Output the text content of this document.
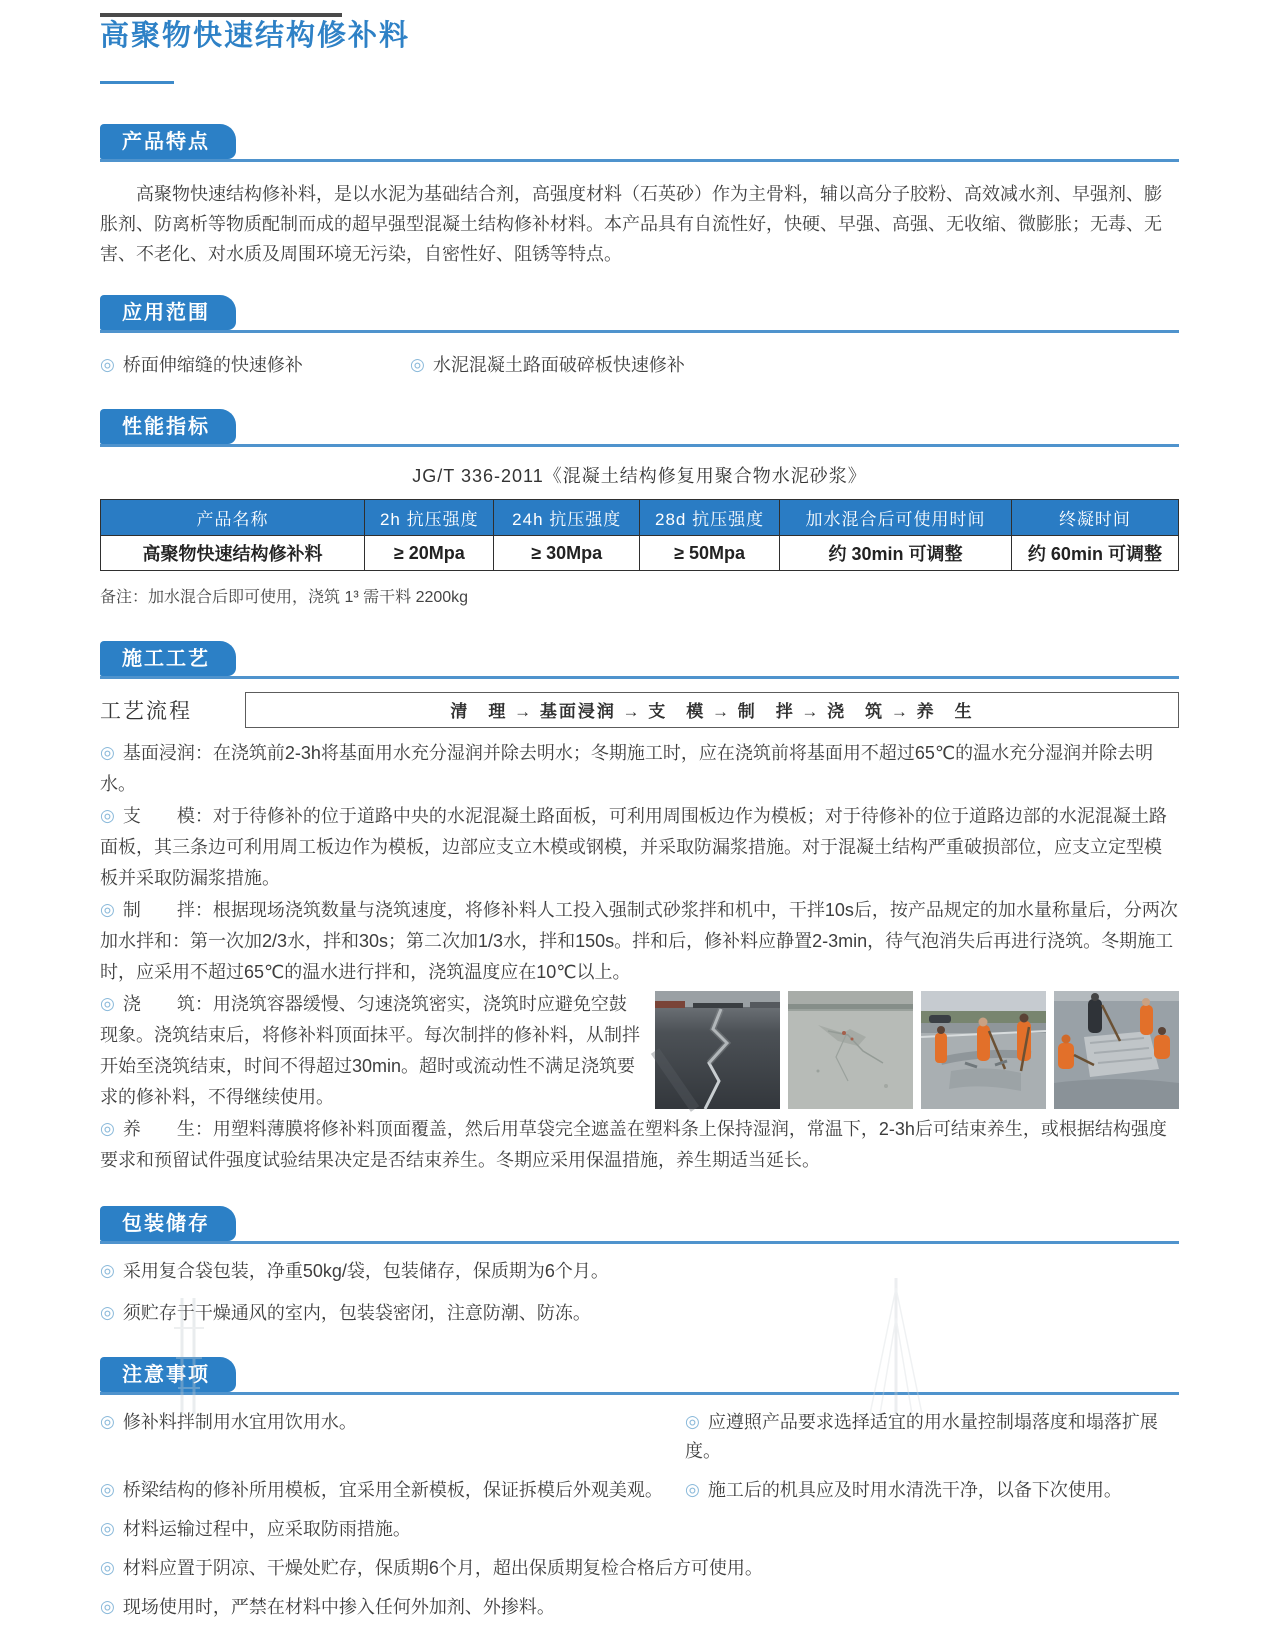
高聚物快速结构修补料
产品特点

高聚物快速结构修补料，是以水泥为基础结合剂，高强度材料（石英砂）作为主骨料，辅以高分子胶粉、高效减水剂、早强剂、膨胀剂、防离析等物质配制而成的超早强型混凝土结构修补材料。本产品具有自流性好，快硬、早强、高强、无收缩、微膨胀；无毒、无害、不老化、对水质及周围环境无污染，自密性好、阻锈等特点。

应用范围
◎ 桥面伸缩缝的快速修补	◎ 水泥混凝土路面破碎板快速修补
性能指标

JG/T 336-2011《混凝土结构修复用聚合物水泥砂浆》

产品名称	2h 抗压强度	24h 抗压强度	28d 抗压强度	加水混合后可使用时间	终凝时间
高聚物快速结构修补料	≥ 20Mpa	≥ 30Mpa	≥ 50Mpa	约 30min 可调整	约 60min 可调整

备注：加水混合后即可使用，浇筑 1³ 需干料 2200kg

施工工艺
工艺流程	清　理 → 基面浸润 → 支　模 → 制　拌 → 浇　筑 → 养　生

◎ 基面浸润：在浇筑前2-3h将基面用水充分湿润并除去明水；冬期施工时，应在浇筑前将基面用不超过65℃的温水充分湿润并除去明水。

◎ 支　　模：对于待修补的位于道路中央的水泥混凝土路面板，可利用周围板边作为模板；对于待修补的位于道路边部的水泥混凝土路面板，其三条边可利用周工板边作为模板，边部应支立木模或钢模，并采取防漏浆措施。对于混凝土结构严重破损部位，应支立定型模板并采取防漏浆措施。

◎ 制　　拌：根据现场浇筑数量与浇筑速度，将修补料人工投入强制式砂浆拌和机中，干拌10s后，按产品规定的加水量称量后，分两次加水拌和：第一次加2/3水，拌和30s；第二次加1/3水，拌和150s。拌和后，修补料应静置2-3min，待气泡消失后再进行浇筑。冬期施工时，应采用不超过65℃的温水进行拌和，浇筑温度应在10℃以上。

◎ 浇　　筑：用浇筑容器缓慢、匀速浇筑密实，浇筑时应避免空鼓现象。浇筑结束后，将修补料顶面抹平。每次制拌的修补料，从制拌开始至浇筑结束，时间不得超过30min。超时或流动性不满足浇筑要求的修补料，不得继续使用。

◎ 养　　生：用塑料薄膜将修补料顶面覆盖，然后用草袋完全遮盖在塑料条上保持湿润，常温下，2-3h后可结束养生，或根据结构强度要求和预留试件强度试验结果决定是否结束养生。冬期应采用保温措施，养生期适当延长。

包装储存
◎ 采用复合袋包装，净重50kg/袋，包装储存，保质期为6个月。
◎ 须贮存于干燥通风的室内，包装袋密闭，注意防潮、防冻。
注意事项
◎ 修补料拌制用水宜用饮用水。	◎ 应遵照产品要求选择适宜的用水量控制塌落度和塌落扩展度。
◎ 桥梁结构的修补所用模板，宜采用全新模板，保证拆模后外观美观。	◎ 施工后的机具应及时用水清洗干净，以备下次使用。
◎ 材料运输过程中，应采取防雨措施。
◎ 材料应置于阴凉、干燥处贮存，保质期6个月，超出保质期复检合格后方可使用。
◎ 现场使用时，严禁在材料中掺入任何外加剂、外掺料。
